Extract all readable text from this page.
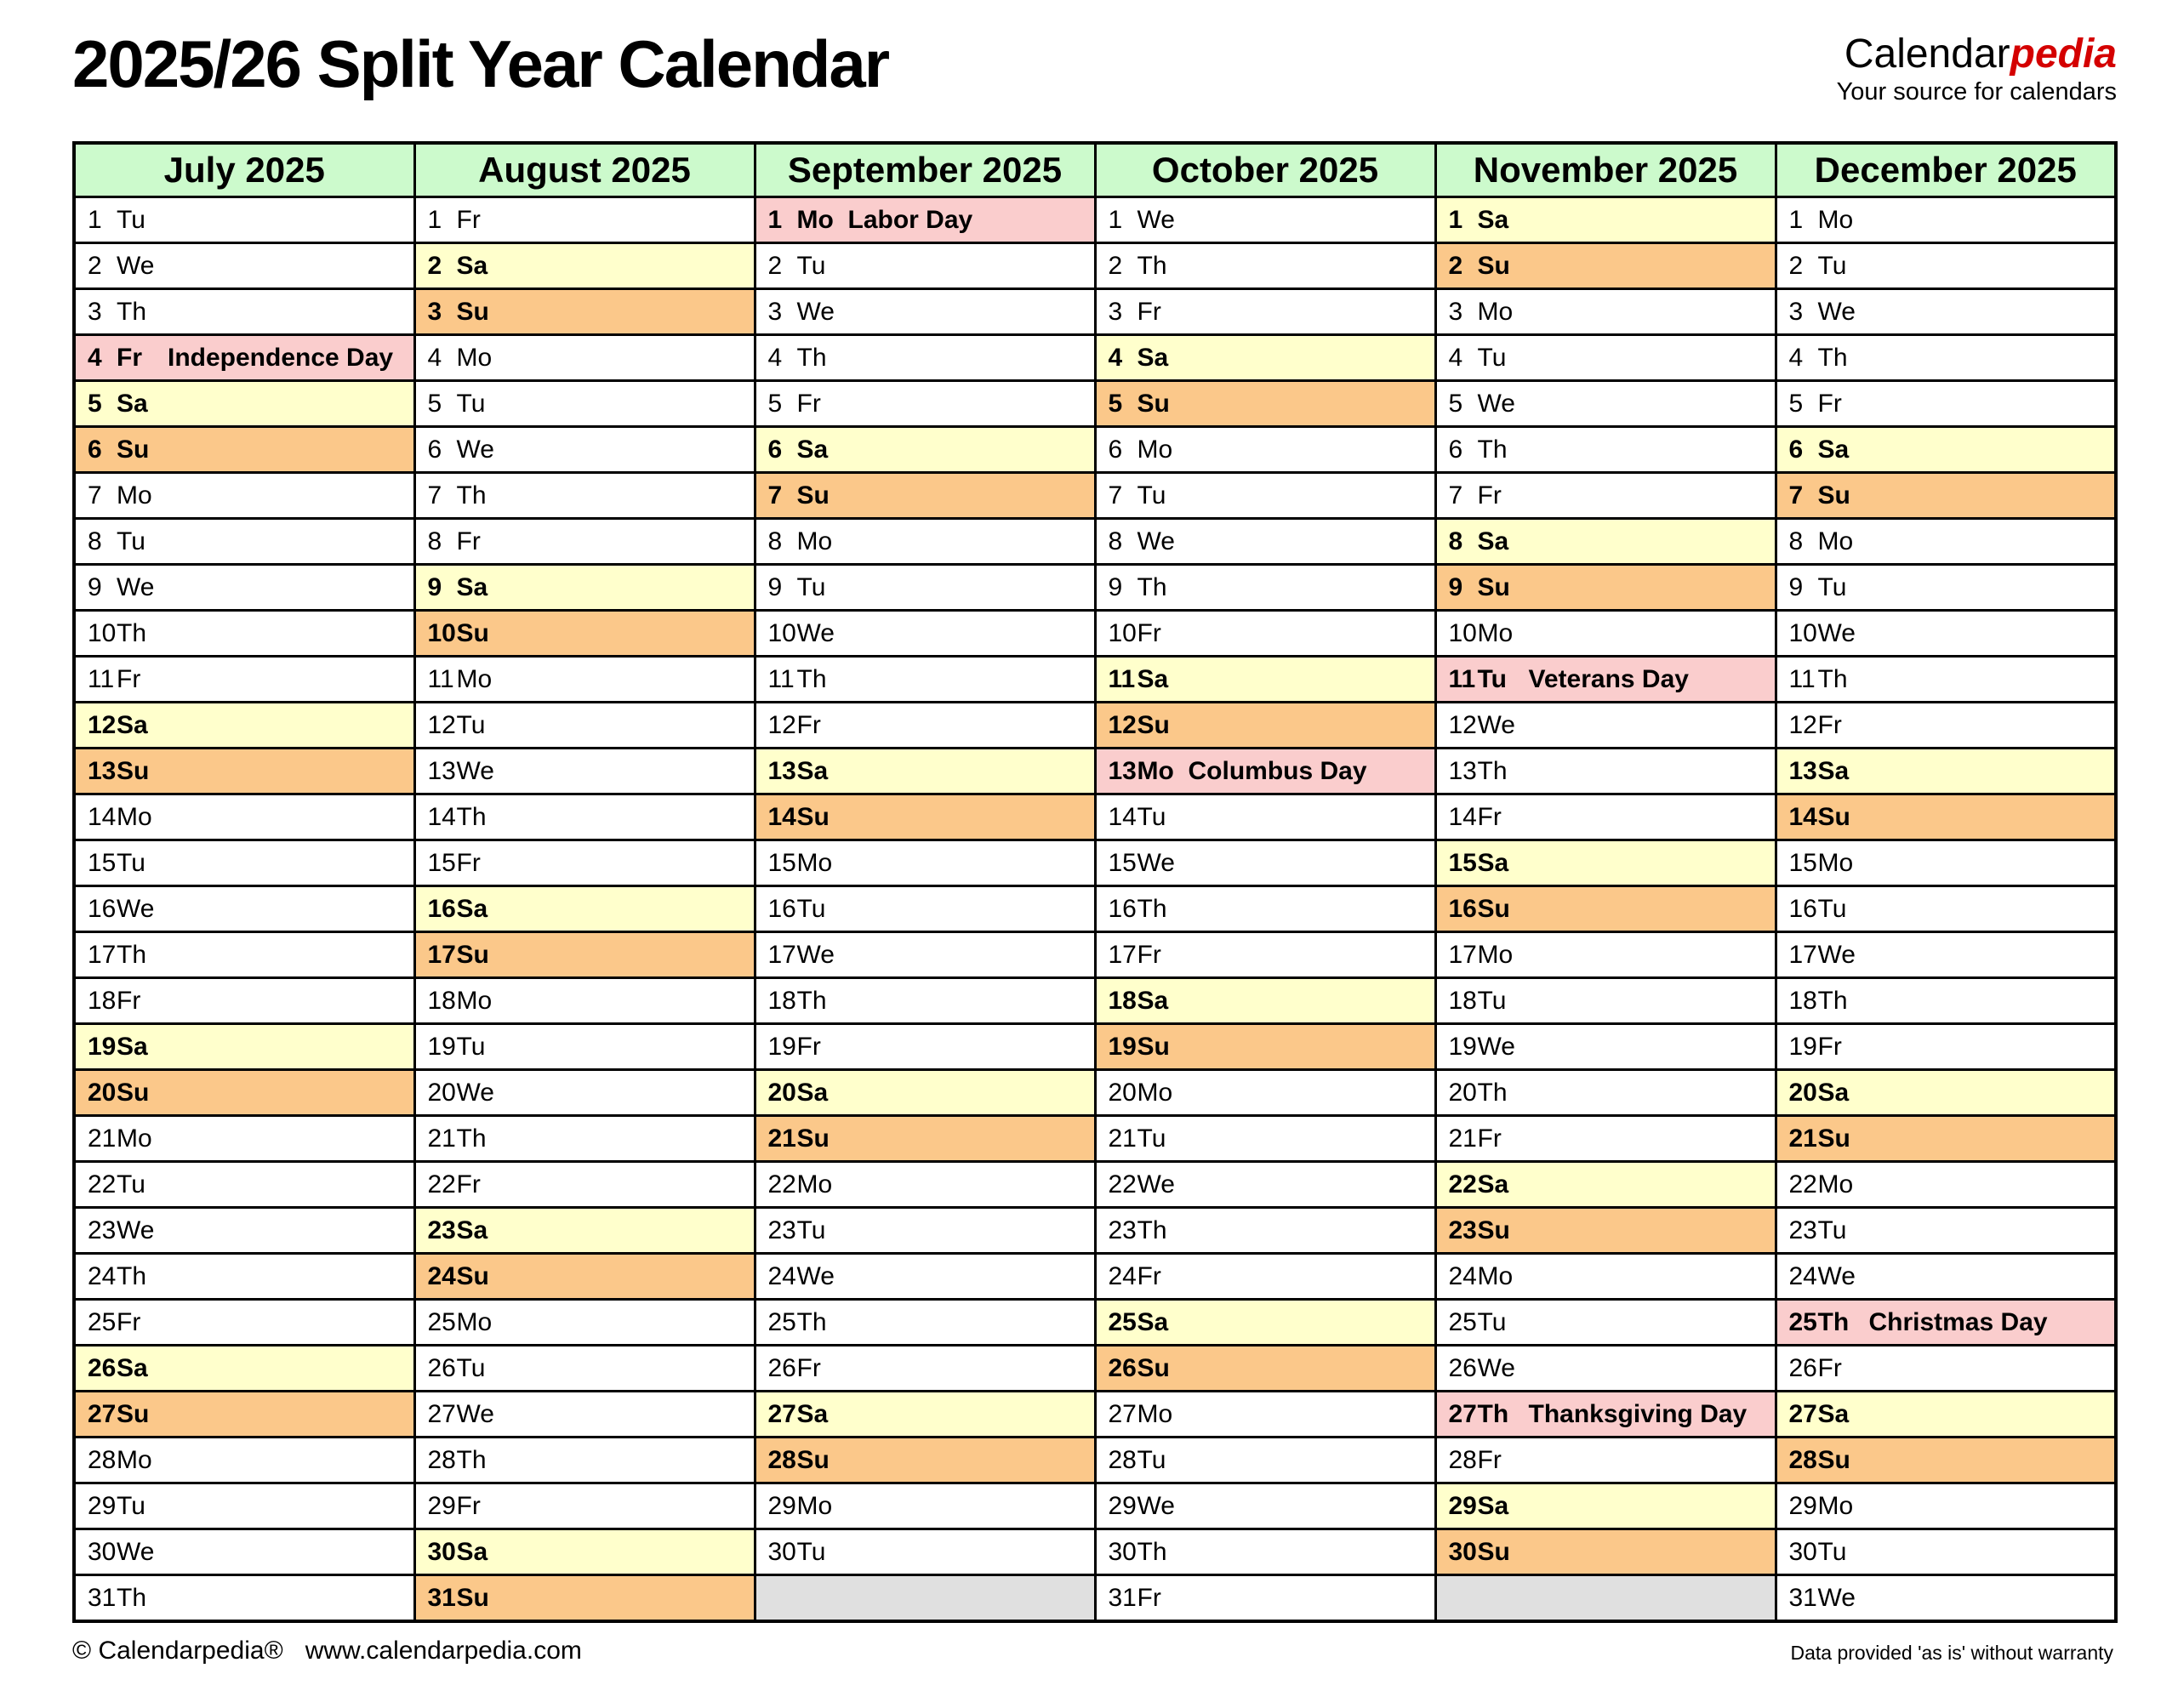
2025/26 Split Year Calendar	Calendarpedia
Your source for calendars
July 2025	August 2025	September 2025	October 2025	November 2025	December 2025
1 Tu	1 Fr	1 Mo Labor Day	1 We	1 Sa	1 Mo
2 We	2 Sa	2 Tu	2 Th	2 Su	2 Tu
3 Th	3 Su	3 We	3 Fr	3 Mo	3 We
4 Fr Independence Day	4 Mo	4 Th	4 Sa	4 Tu	4 Th
5 Sa	5 Tu	5 Fr	5 Su	5 We	5 Fr
6 Su	6 We	6 Sa	6 Mo	6 Th	6 Sa
7 Mo	7 Th	7 Su	7 Tu	7 Fr	7 Su
8 Tu	8 Fr	8 Mo	8 We	8 Sa	8 Mo
9 We	9 Sa	9 Tu	9 Th	9 Su	9 Tu
10Th	10Su	10We	10Fr	10Mo	10We
11Fr	11Mo	11Th	11Sa	11Tu Veterans Day	11Th
12Sa	12Tu	12Fr	12Su	12We	12Fr
13Su	13We	13Sa	13Mo Columbus Day	13Th	13Sa
14Mo	14Th	14Su	14Tu	14Fr	14Su
15Tu	15Fr	15Mo	15We	15Sa	15Mo
16We	16Sa	16Tu	16Th	16Su	16Tu
17Th	17Su	17We	17Fr	17Mo	17We
18Fr	18Mo	18Th	18Sa	18Tu	18Th
19Sa	19Tu	19Fr	19Su	19We	19Fr
20Su	20We	20Sa	20Mo	20Th	20Sa
21Mo	21Th	21Su	21Tu	21Fr	21Su
22Tu	22Fr	22Mo	22We	22Sa	22Mo
23We	23Sa	23Tu	23Th	23Su	23Tu
24Th	24Su	24We	24Fr	24Mo	24We
25Fr	25Mo	25Th	25Sa	25Tu	25Th Christmas Day
26Sa	26Tu	26Fr	26Su	26We	26Fr
27Su	27We	27Sa	27Mo	27Th Thanksgiving Day	27Sa
28Mo	28Th	28Su	28Tu	28Fr	28Su
29Tu	29Fr	29Mo	29We	29Sa	29Mo
30We	30Sa	30Tu	30Th	30Su	30Tu
31Th	31Su		31Fr		31We
© Calendarpedia® www.calendarpedia.com	Data provided 'as is' without warranty
